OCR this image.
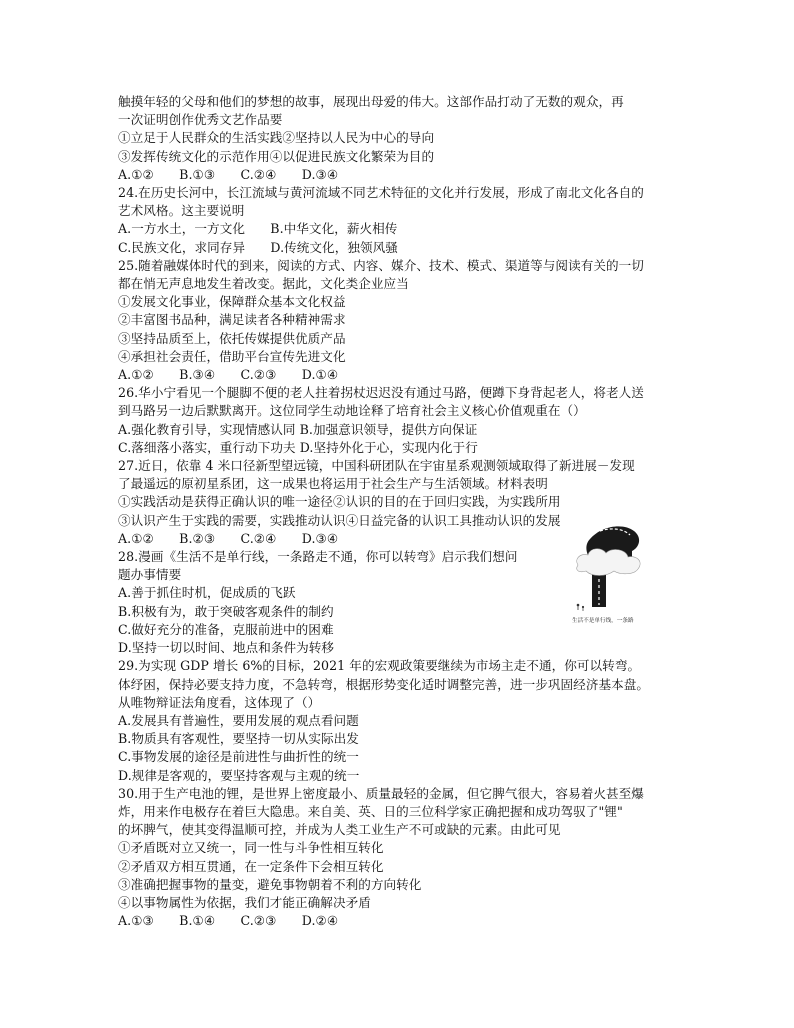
触摸年轻的父母和他们的梦想的故事，展现出母爱的伟大。这部作品打动了无数的观众，再
一次证明创作优秀文艺作品要
①立足于人民群众的生活实践②坚持以人民为中心的导向
③发挥传统文化的示范作用④以促进民族文化繁荣为目的
A.①②　　B.①③　　C.②④　　D.③④
24.在历史长河中，长江流域与黄河流域不同艺术特征的文化并行发展，形成了南北文化各自的
艺术风格。这主要说明
A.一方水土，一方文化　　B.中华文化，薪火相传
C.民族文化，求同存异　　D.传统文化，独领风骚
25.随着融媒体时代的到来，阅读的方式、内容、媒介、技术、模式、渠道等与阅读有关的一切
都在悄无声息地发生着改变。据此，文化类企业应当
①发展文化事业，保障群众基本文化权益
②丰富图书品种，满足读者各种精神需求
③坚持品质至上，依托传媒提供优质产品
④承担社会责任，借助平台宣传先进文化
A.①②　　B.③④　　C.②③　　D.①④
26.华小宁看见一个腿脚不便的老人拄着拐杖迟迟没有通过马路，便蹲下身背起老人，将老人送
到马路另一边后默默离开。这位同学生动地诠释了培育社会主义核心价值观重在（）
A.强化教育引导，实现情感认同 B.加强意识领导，提供方向保证
C.落细落小落实，重行动下功夫 D.坚持外化于心，实现内化于行
27.近日，依靠 4 米口径新型望远镜，中国科研团队在宇宙星系观测领域取得了新进展－发现
了最遥远的原初星系团，这一成果也将运用于社会生产与生活领域。材料表明
①实践活动是获得正确认识的唯一途径②认识的目的在于回归实践，为实践所用
③认识产生于实践的需要，实践推动认识④日益完备的认识工具推动认识的发展
A.①②　　B.②③　　C.②④　　D.③④
28.漫画《生活不是单行线，一条路走不通，你可以转弯》启示我们想问
题办事情要
A.善于抓住时机，促成质的飞跃
B.积极有为，敢于突破客观条件的制约
C.做好充分的准备，克服前进中的困难
D.坚持一切以时间、地点和条件为转移
29.为实现 GDP 增长 6%的目标，2021 年的宏观政策要继续为市场主走不通，你可以转弯。
体纾困，保持必要支持力度，不急转弯，根据形势变化适时调整完善，进一步巩固经济基本盘。
从唯物辩证法角度看，这体现了（）
A.发展具有普遍性，要用发展的观点看问题
B.物质具有客观性，要坚持一切从实际出发
C.事物发展的途径是前进性与曲折性的统一
D.规律是客观的，要坚持客观与主观的统一
30.用于生产电池的锂，是世界上密度最小、质量最轻的金属，但它脾气很大，容易着火甚至爆
炸，用来作电极存在着巨大隐患。来自美、英、日的三位科学家正确把握和成功驾驭了"锂"
的坏脾气，使其变得温顺可控，并成为人类工业生产不可或缺的元素。由此可见
①矛盾既对立又统一，同一性与斗争性相互转化
②矛盾双方相互贯通，在一定条件下会相互转化
③准确把握事物的量变，避免事物朝着不利的方向转化
④以事物属性为依据，我们才能正确解决矛盾
A.①③　　B.①④　　C.②③　　D.②④
生活不是单行线，一条路
